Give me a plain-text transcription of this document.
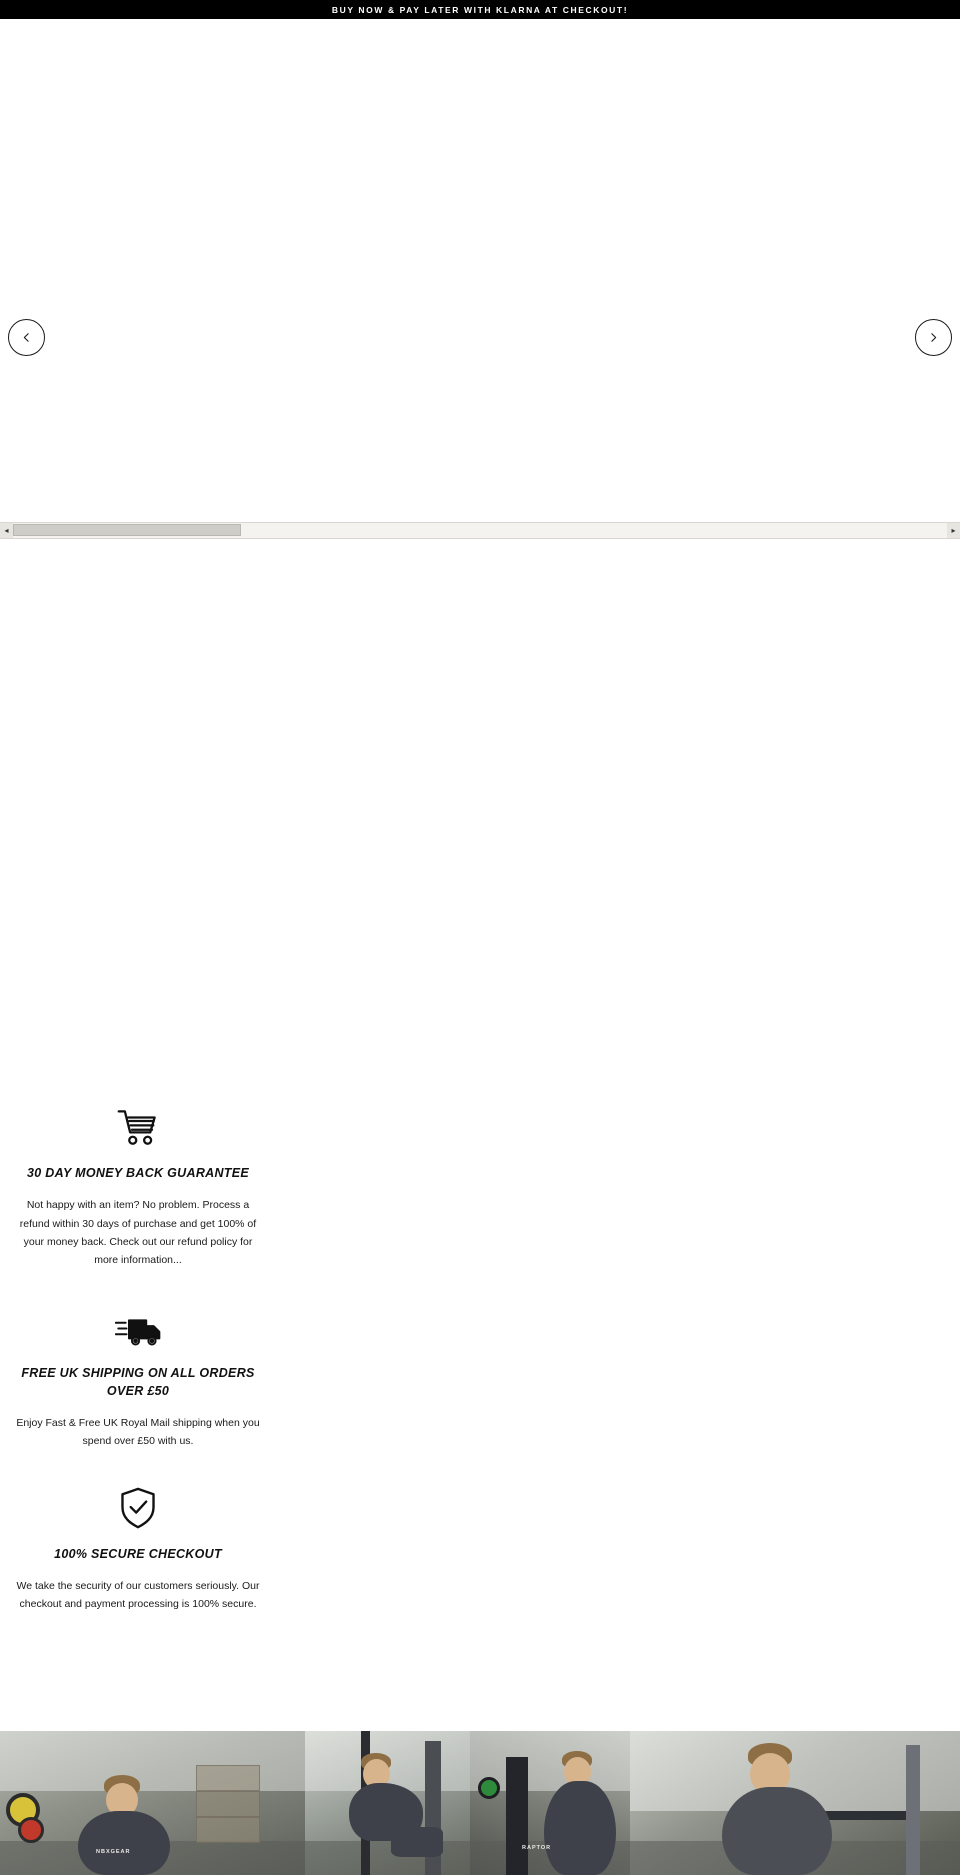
BUY NOW & PAY LATER WITH KLARNA AT CHECKOUT!
◂	▸
30 DAY MONEY BACK GUARANTEE
Not happy with an item? No problem. Process a refund within 30 days of purchase and get 100% of your money back. Check out our refund policy for more information...
FREE UK SHIPPING ON ALL ORDERS OVER £50
Enjoy Fast & Free UK Royal Mail shipping when you spend over £50 with us.
100% SECURE CHECKOUT
We take the security of our customers seriously. Our checkout and payment processing is 100% secure.
NBXGEAR
RAPTOR
